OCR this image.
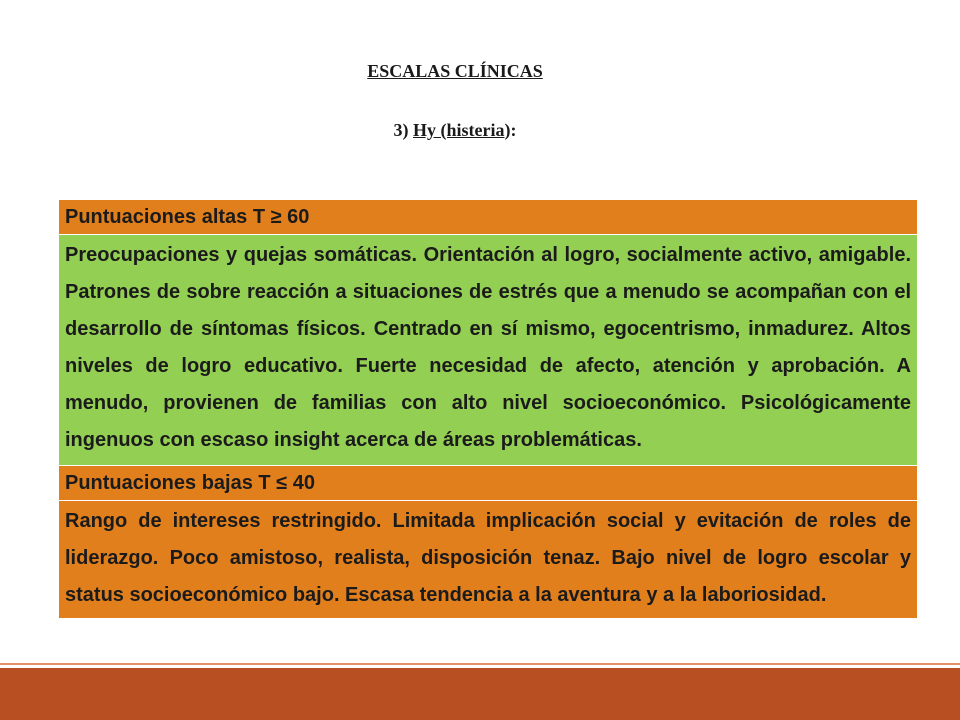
ESCALAS CLÍNICAS
3) Hy (histeria):
Puntuaciones altas T ≥ 60
Preocupaciones y quejas somáticas. Orientación al logro, socialmente activo, amigable. Patrones de sobre reacción a situaciones de estrés que a menudo se acompañan con el desarrollo de síntomas físicos. Centrado en sí mismo, egocentrismo, inmadurez. Altos niveles de logro educativo. Fuerte necesidad de afecto, atención y aprobación. A menudo, provienen de familias con alto nivel socioeconómico. Psicológicamente ingenuos con escaso insight acerca de áreas problemáticas.
Puntuaciones bajas T ≤ 40
Rango de intereses restringido. Limitada implicación social y evitación de roles de liderazgo. Poco amistoso, realista, disposición tenaz. Bajo nivel de logro escolar y status socioeconómico bajo. Escasa tendencia a la aventura y a la laboriosidad.
